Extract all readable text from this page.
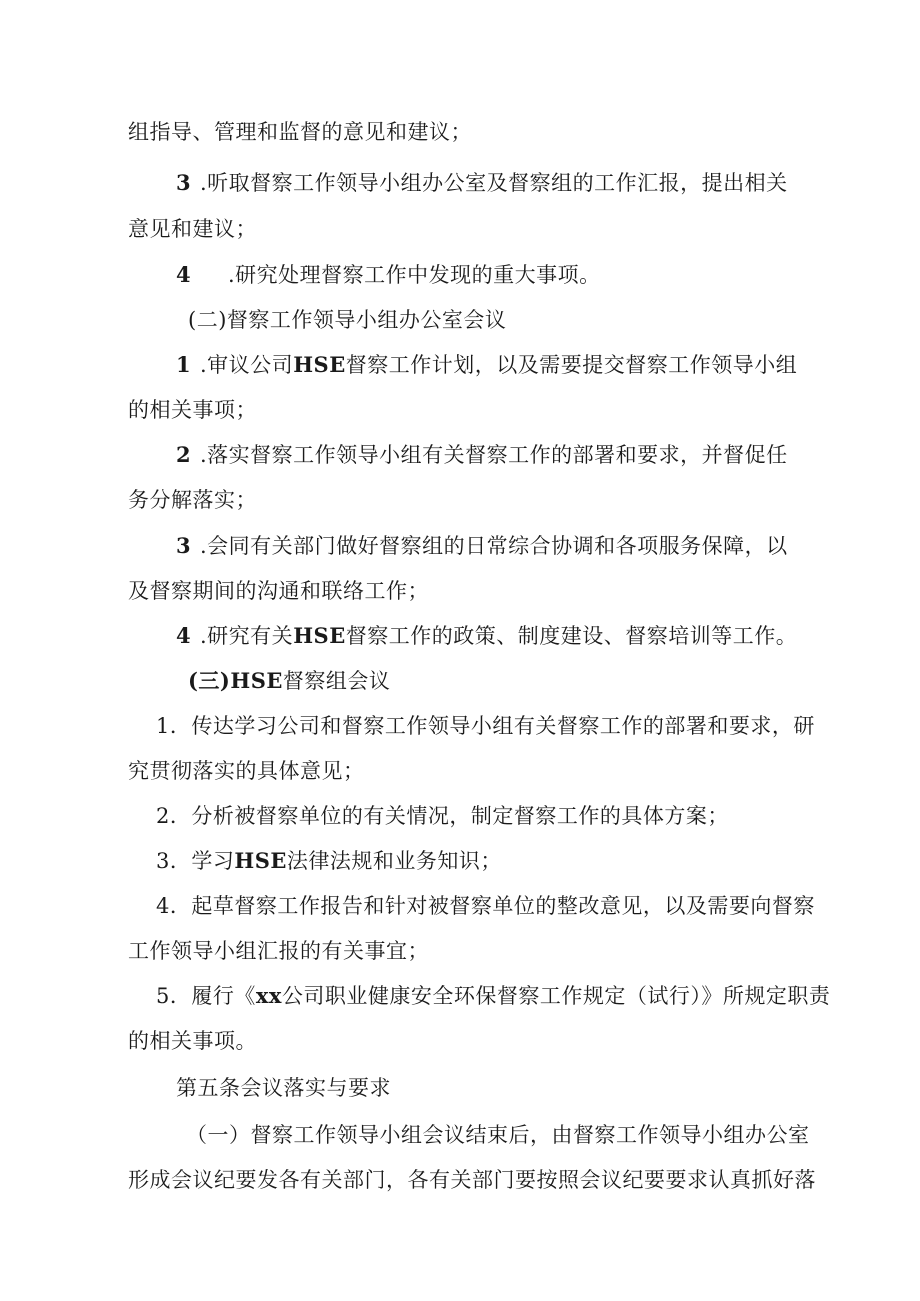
组指导、管理和监督的意见和建议；
3 .听取督察工作领导小组办公室及督察组的工作汇报，提出相关
意见和建议；
4 .研究处理督察工作中发现的重大事项。
(二)督察工作领导小组办公室会议
1 .审议公司HSE督察工作计划，以及需要提交督察工作领导小组
的相关事项；
2 .落实督察工作领导小组有关督察工作的部署和要求，并督促任
务分解落实；
3 .会同有关部门做好督察组的日常综合协调和各项服务保障，以
及督察期间的沟通和联络工作；
4 .研究有关HSE督察工作的政策、制度建设、督察培训等工作。
(三)HSE督察组会议
1．传达学习公司和督察工作领导小组有关督察工作的部署和要求，研
究贯彻落实的具体意见；
2．分析被督察单位的有关情况，制定督察工作的具体方案；
3．学习HSE法律法规和业务知识；
4．起草督察工作报告和针对被督察单位的整改意见，以及需要向督察
工作领导小组汇报的有关事宜；
5．履行《xx公司职业健康安全环保督察工作规定（试行）》所规定职责
的相关事项。
第五条会议落实与要求
（一）督察工作领导小组会议结束后，由督察工作领导小组办公室
形成会议纪要发各有关部门，各有关部门要按照会议纪要要求认真抓好落
